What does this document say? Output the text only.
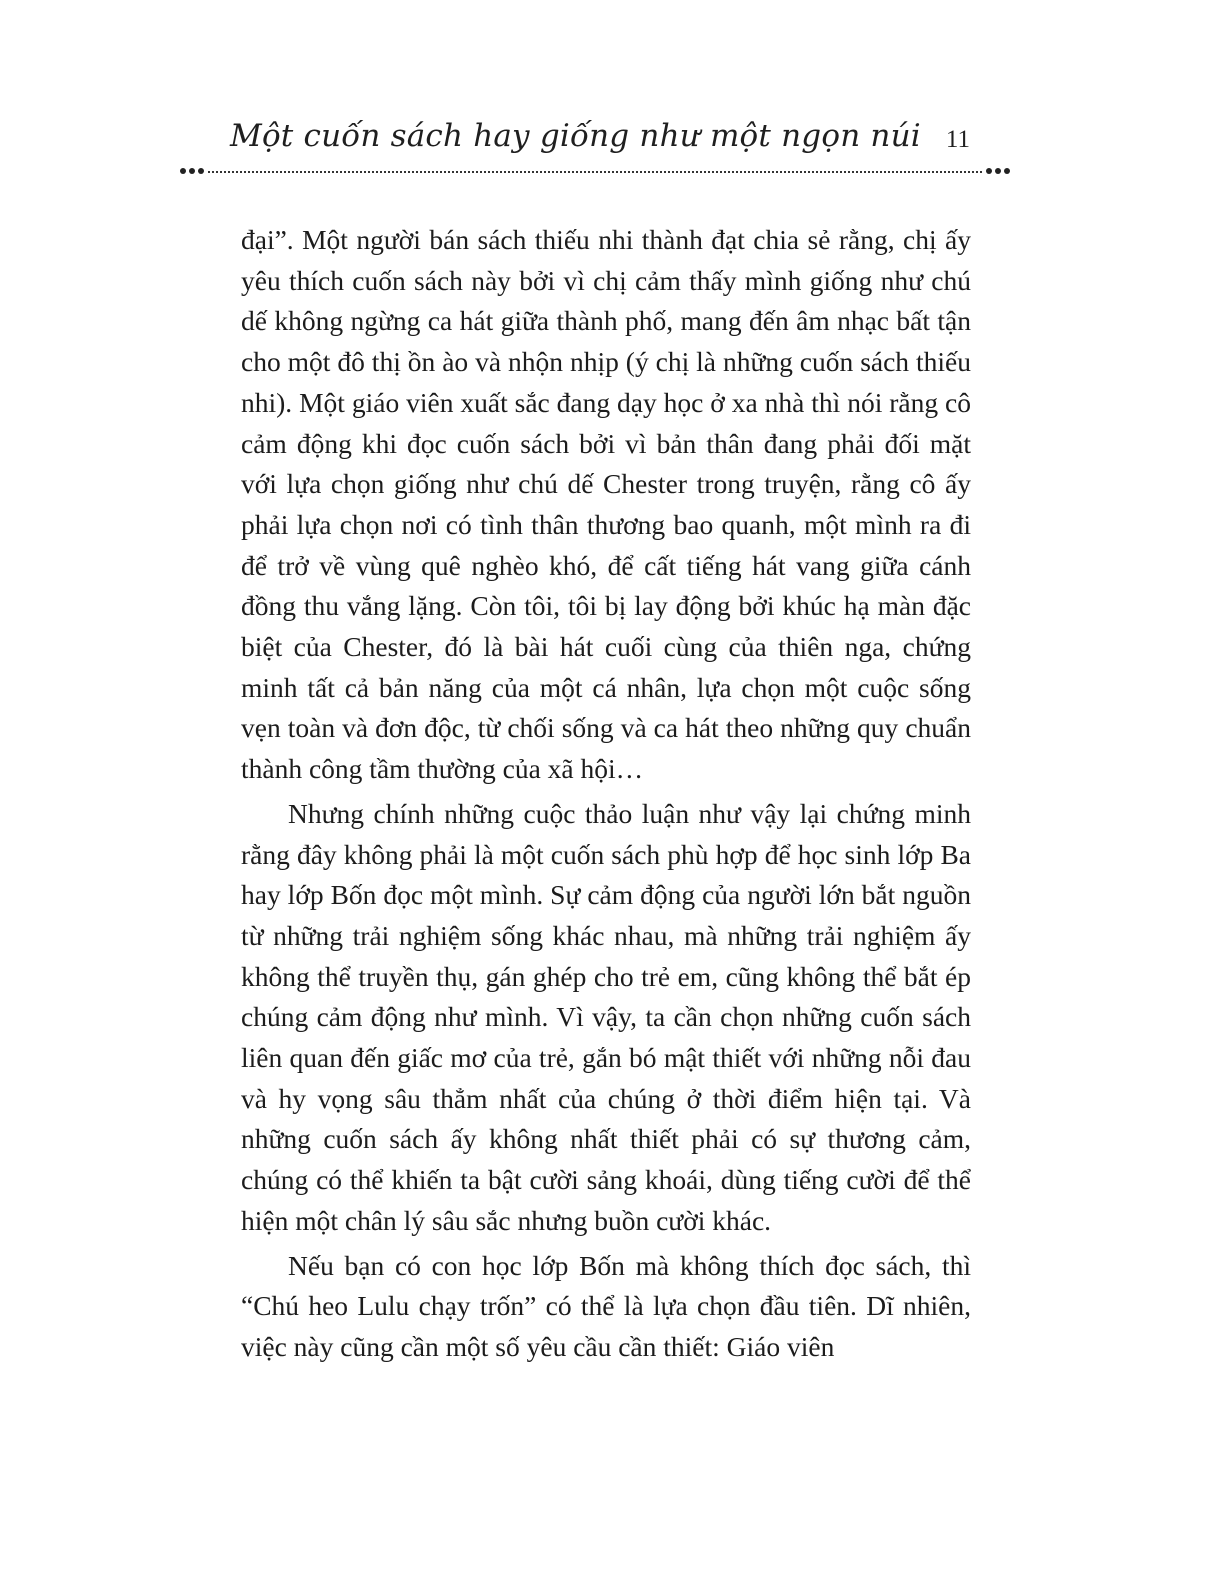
Một cuốn sách hay giống như một ngọn núi 11

đại”. Một người bán sách thiếu nhi thành đạt chia sẻ rằng, chị ấy yêu thích cuốn sách này bởi vì chị cảm thấy mình giống như chú dế không ngừng ca hát giữa thành phố, mang đến âm nhạc bất tận cho một đô thị ồn ào và nhộn nhịp (ý chị là những cuốn sách thiếu nhi). Một giáo viên xuất sắc đang dạy học ở xa nhà thì nói rằng cô cảm động khi đọc cuốn sách bởi vì bản thân đang phải đối mặt với lựa chọn giống như chú dế Chester trong truyện, rằng cô ấy phải lựa chọn nơi có tình thân thương bao quanh, một mình ra đi để trở về vùng quê nghèo khó, để cất tiếng hát vang giữa cánh đồng thu vắng lặng. Còn tôi, tôi bị lay động bởi khúc hạ màn đặc biệt của Chester, đó là bài hát cuối cùng của thiên nga, chứng minh tất cả bản năng của một cá nhân, lựa chọn một cuộc sống vẹn toàn và đơn độc, từ chối sống và ca hát theo những quy chuẩn thành công tầm thường của xã hội…

Nhưng chính những cuộc thảo luận như vậy lại chứng minh rằng đây không phải là một cuốn sách phù hợp để học sinh lớp Ba hay lớp Bốn đọc một mình. Sự cảm động của người lớn bắt nguồn từ những trải nghiệm sống khác nhau, mà những trải nghiệm ấy không thể truyền thụ, gán ghép cho trẻ em, cũng không thể bắt ép chúng cảm động như mình. Vì vậy, ta cần chọn những cuốn sách liên quan đến giấc mơ của trẻ, gắn bó mật thiết với những nỗi đau và hy vọng sâu thẳm nhất của chúng ở thời điểm hiện tại. Và những cuốn sách ấy không nhất thiết phải có sự thương cảm, chúng có thể khiến ta bật cười sảng khoái, dùng tiếng cười để thể hiện một chân lý sâu sắc nhưng buồn cười khác.

Nếu bạn có con học lớp Bốn mà không thích đọc sách, thì “Chú heo Lulu chạy trốn” có thể là lựa chọn đầu tiên. Dĩ nhiên, việc này cũng cần một số yêu cầu cần thiết: Giáo viên
